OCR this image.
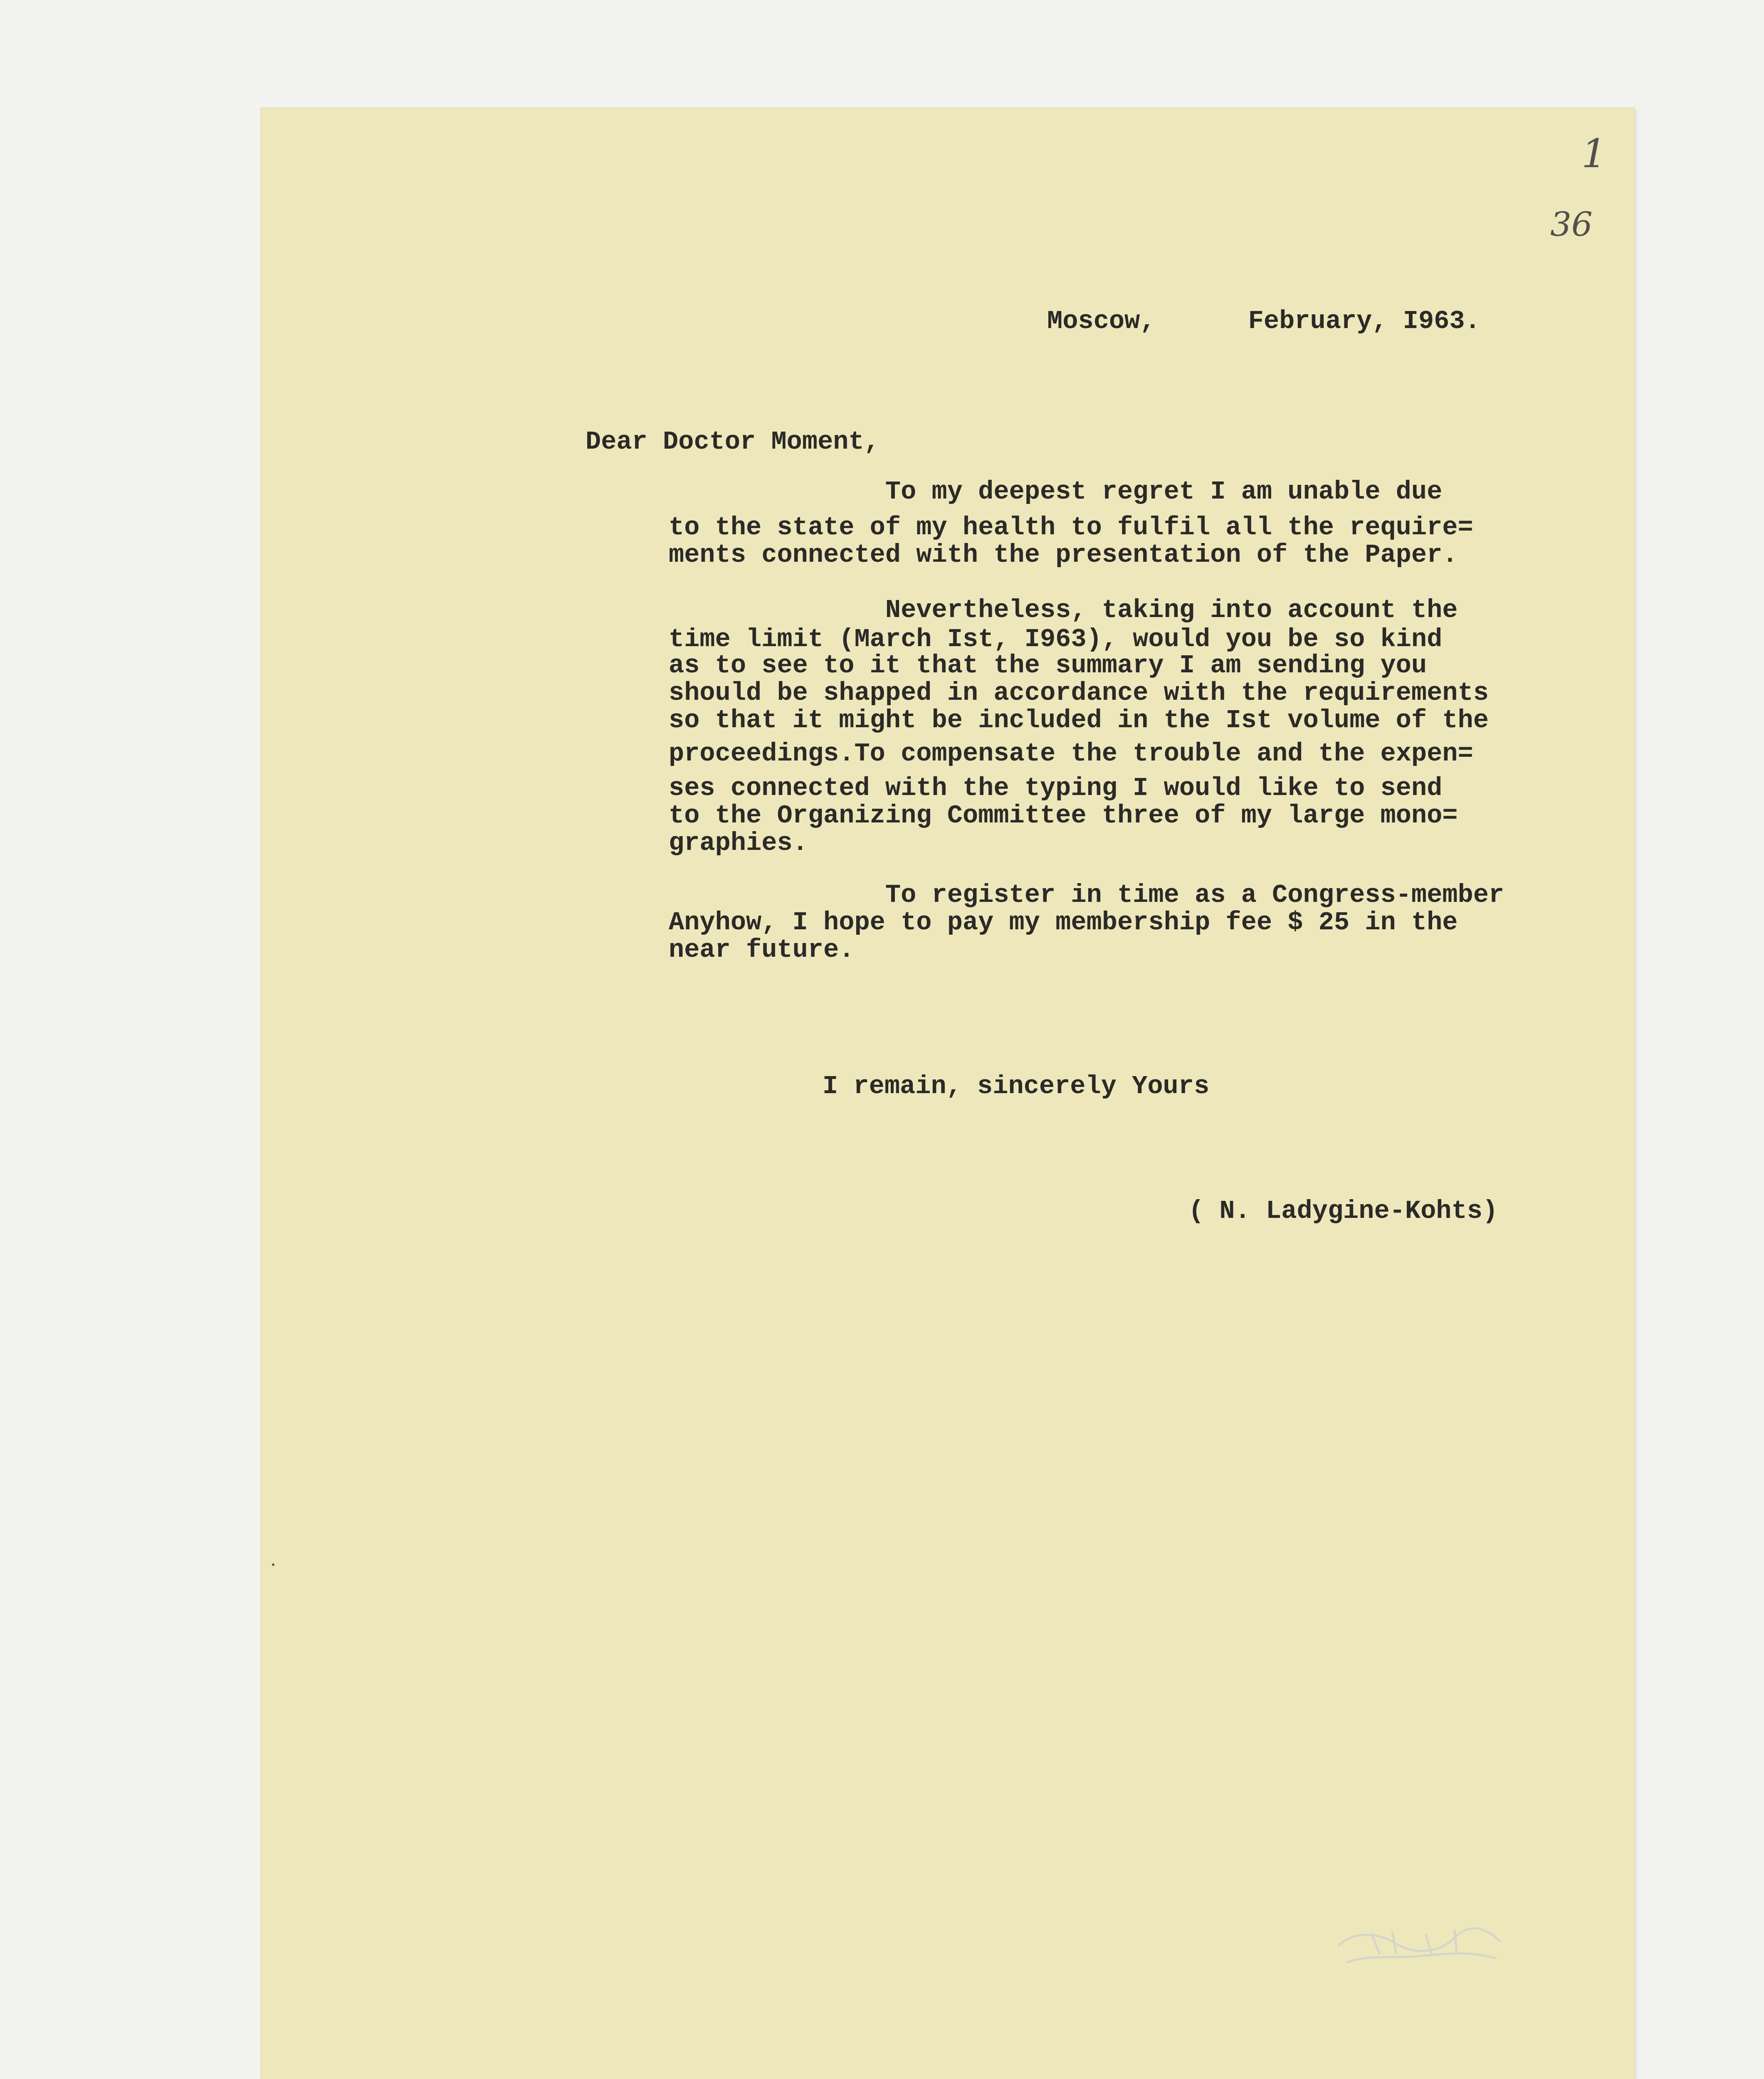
1
36
Moscow,      February, I963.
Dear Doctor Moment,
To my deepest regret I am unable due
to the state of my health to fulfil all the require=
ments connected with the presentation of the Paper.
Nevertheless, taking into account the
time limit (March Ist, I963), would you be so kind
as to see to it that the summary I am sending you
should be shapped in accordance with the requirements
so that it might be included in the Ist volume of the
proceedings.To compensate the trouble and the expen=
ses connected with the typing I would like to send
to the Organizing Committee three of my large mono=
graphies.
To register in time as a Congress-member
Anyhow, I hope to pay my membership fee $ 25 in the
near future.
I remain, sincerely Yours
( N. Ladygine-Kohts)
